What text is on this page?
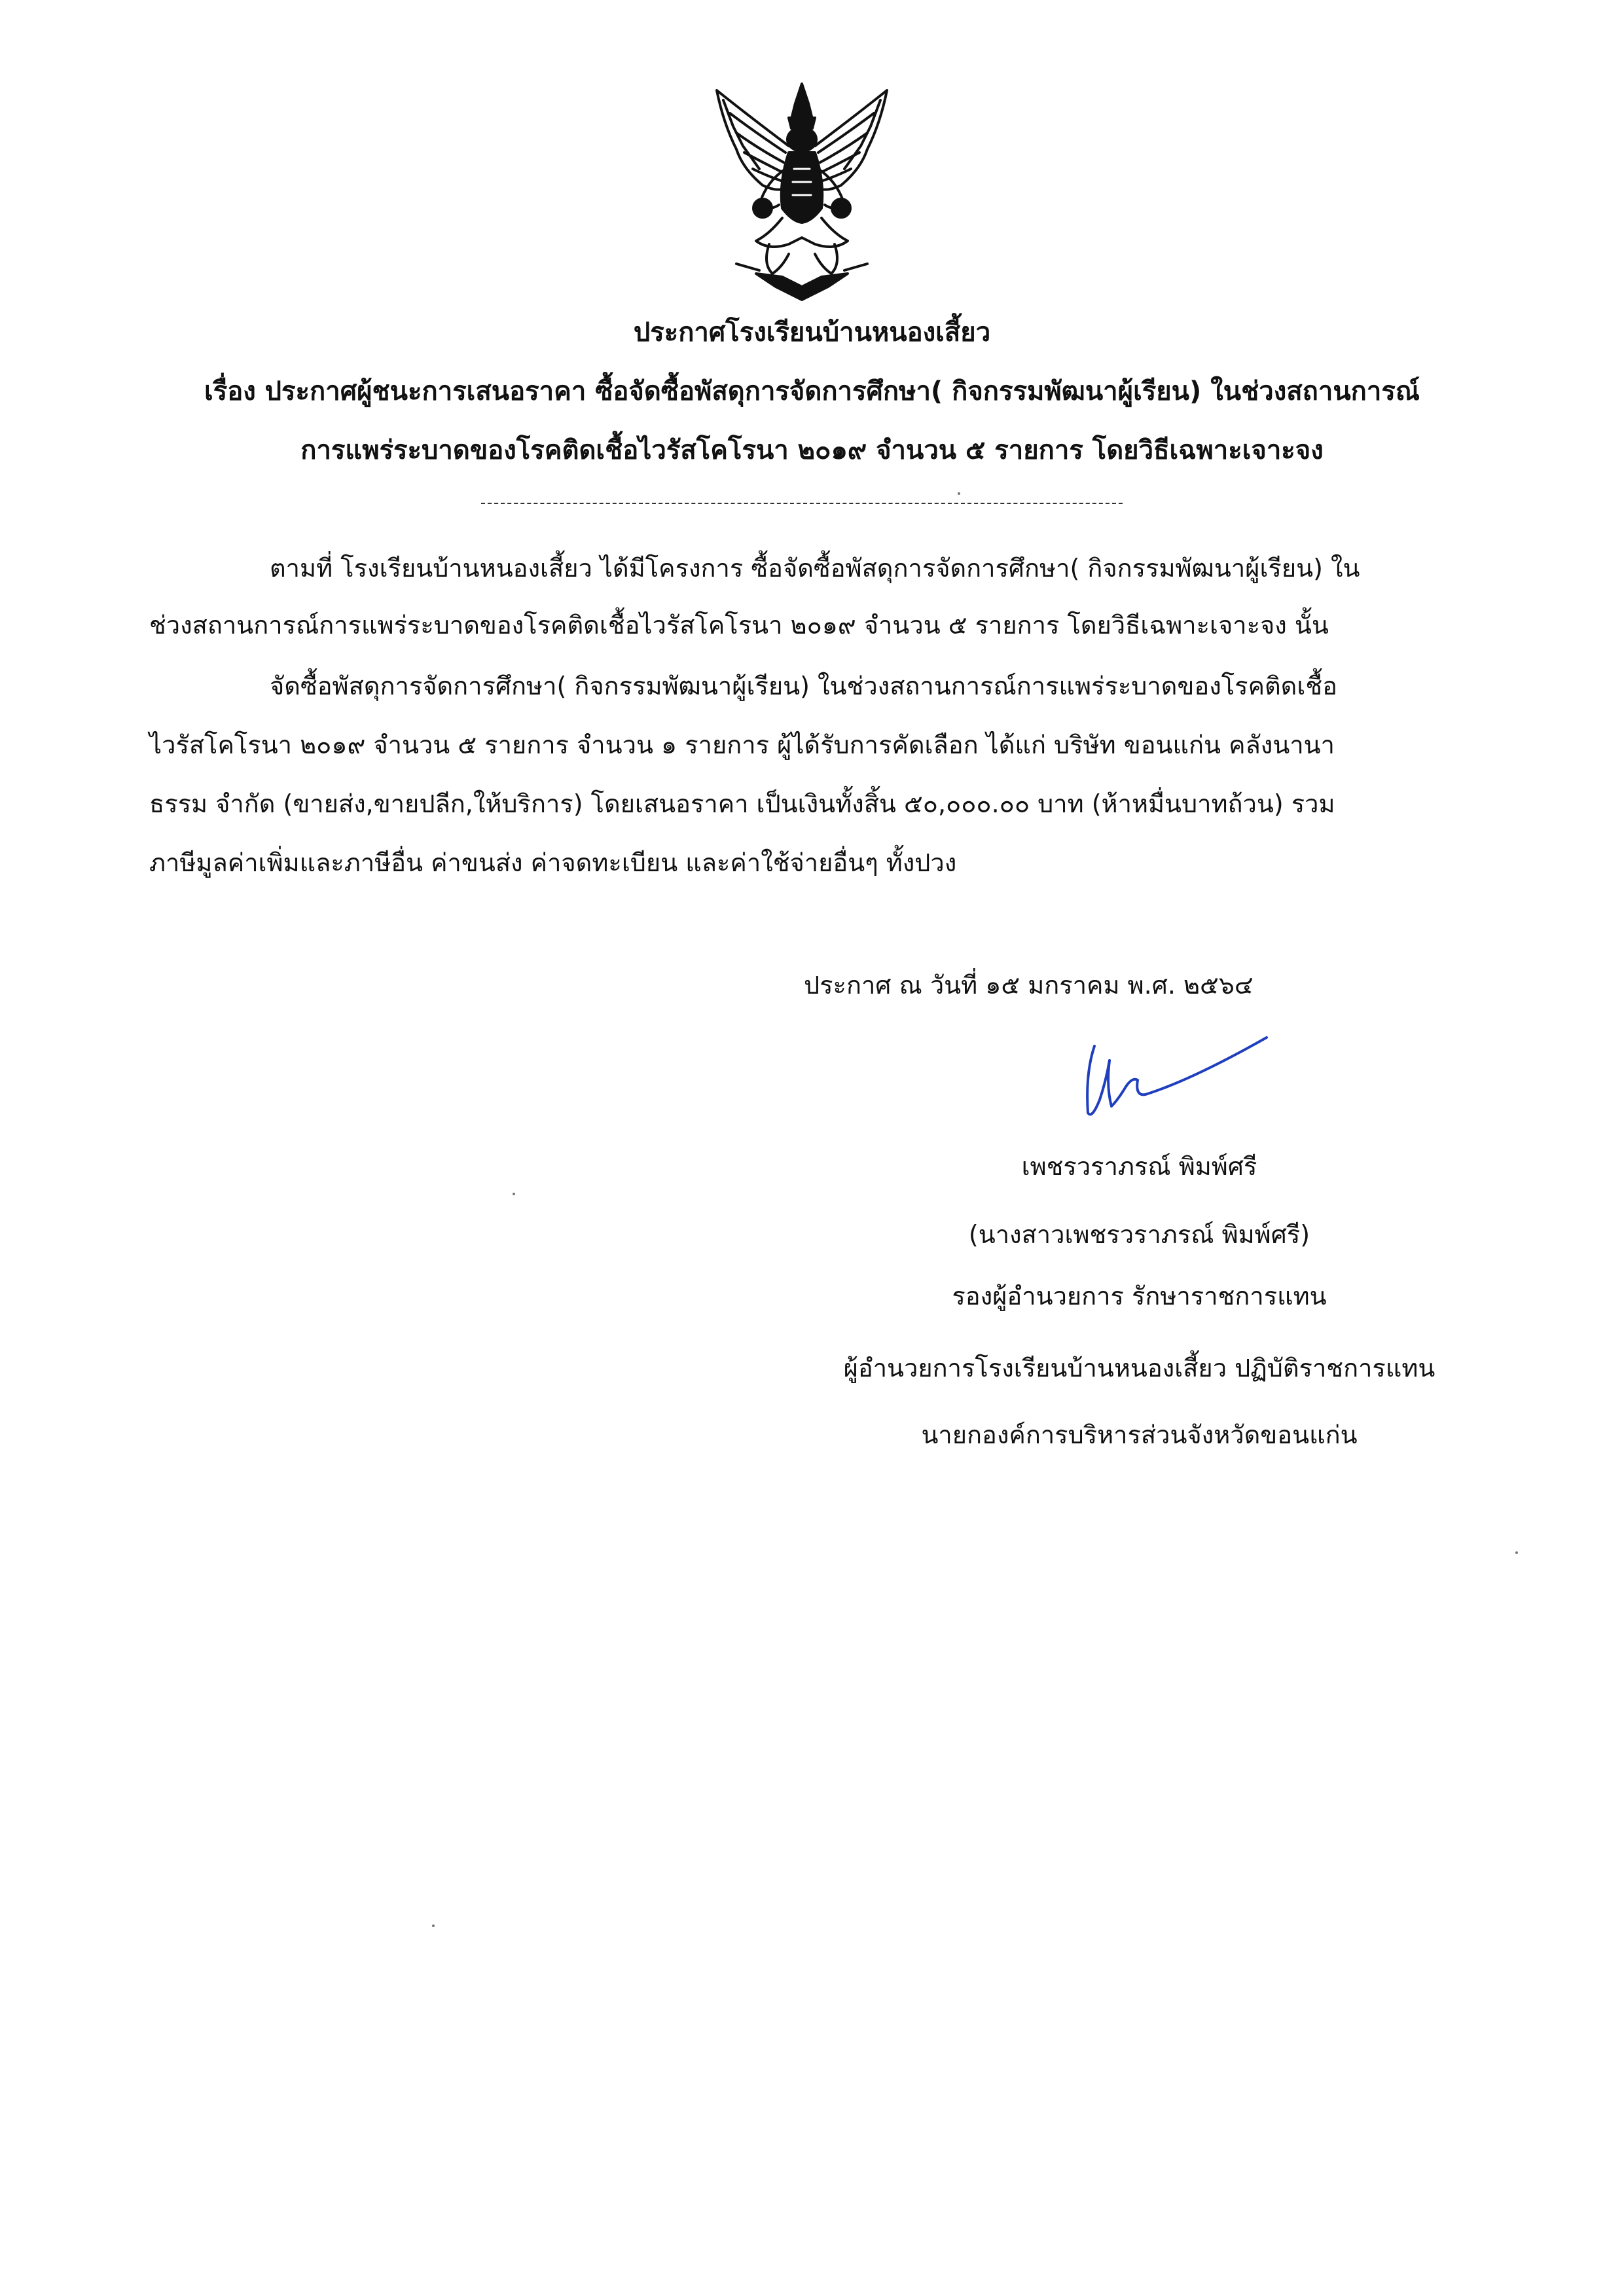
ประกาศโรงเรียนบ้านหนองเสี้ยว
เรื่อง ประกาศผู้ชนะการเสนอราคา ซื้อจัดซื้อพัสดุการจัดการศึกษา( กิจกรรมพัฒนาผู้เรียน) ในช่วงสถานการณ์
การแพร่ระบาดของโรคติดเชื้อไวรัสโคโรนา ๒๐๑๙ จำนวน ๕ รายการ โดยวิธีเฉพาะเจาะจง
ตามที่ โรงเรียนบ้านหนองเสี้ยว ได้มีโครงการ ซื้อจัดซื้อพัสดุการจัดการศึกษา( กิจกรรมพัฒนาผู้เรียน) ใน
ช่วงสถานการณ์การแพร่ระบาดของโรคติดเชื้อไวรัสโคโรนา ๒๐๑๙ จำนวน ๕ รายการ โดยวิธีเฉพาะเจาะจง นั้น
จัดซื้อพัสดุการจัดการศึกษา( กิจกรรมพัฒนาผู้เรียน) ในช่วงสถานการณ์การแพร่ระบาดของโรคติดเชื้อ
ไวรัสโคโรนา ๒๐๑๙ จำนวน ๕ รายการ จำนวน ๑ รายการ ผู้ได้รับการคัดเลือก ได้แก่ บริษัท ขอนแก่น คลังนานา
ธรรม จำกัด (ขายส่ง,ขายปลีก,ให้บริการ) โดยเสนอราคา เป็นเงินทั้งสิ้น ๕๐,๐๐๐.๐๐ บาท (ห้าหมื่นบาทถ้วน) รวม
ภาษีมูลค่าเพิ่มและภาษีอื่น ค่าขนส่ง ค่าจดทะเบียน และค่าใช้จ่ายอื่นๆ ทั้งปวง
ประกาศ ณ วันที่ ๑๕ มกราคม พ.ศ. ๒๕๖๔
เพชรวราภรณ์ พิมพ์ศรี
(นางสาวเพชรวราภรณ์ พิมพ์ศรี)
รองผู้อำนวยการ รักษาราชการแทน
ผู้อำนวยการโรงเรียนบ้านหนองเสี้ยว ปฏิบัติราชการแทน
นายกองค์การบริหารส่วนจังหวัดขอนแก่น
